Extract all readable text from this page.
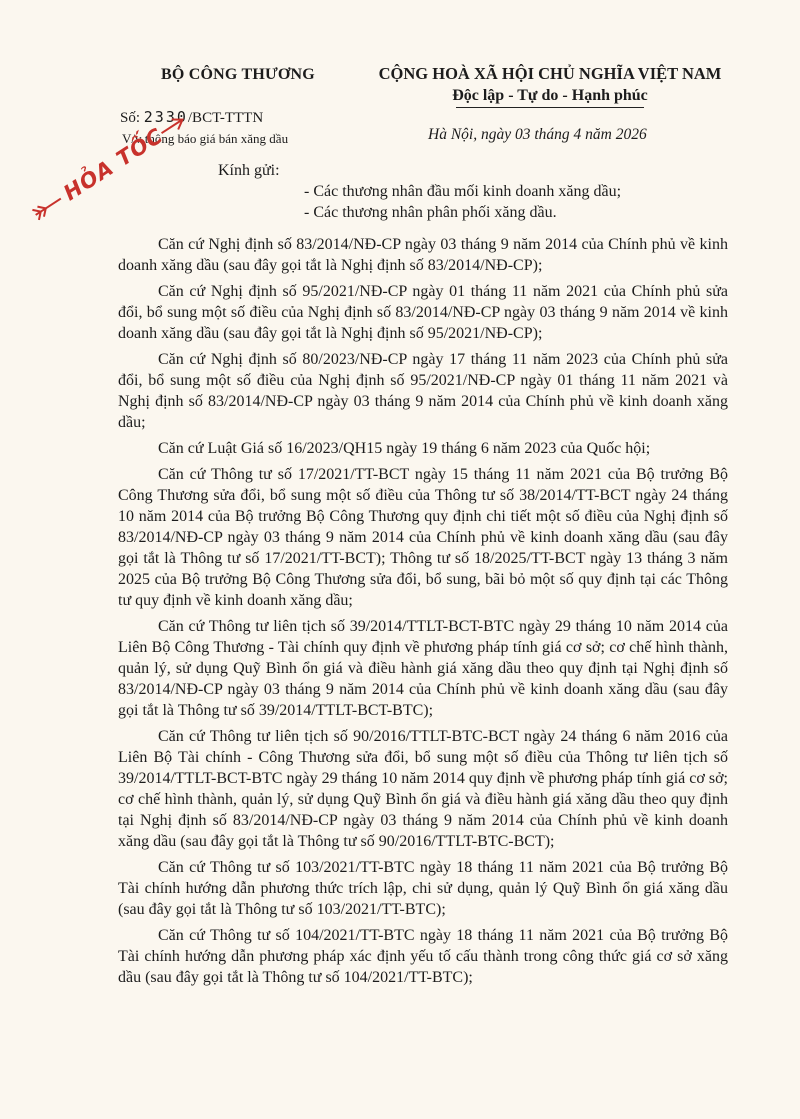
BỘ CÔNG THƯƠNG	CỘNG HOÀ XÃ HỘI CHỦ NGHĨA VIỆT NAM
Độc lập - Tự do - Hạnh phúc
Số: 2330/BCT-TTTN
V/v thông báo giá bán xăng dầu	Hà Nội, ngày 03 tháng 4 năm 2026
HỎA TỐC	Kính gửi:
- Các thương nhân đầu mối kinh doanh xăng dầu;
- Các thương nhân phân phối xăng dầu.

Căn cứ Nghị định số 83/2014/NĐ-CP ngày 03 tháng 9 năm 2014 của Chính phủ về kinh doanh xăng dầu (sau đây gọi tắt là Nghị định số 83/2014/NĐ-CP);

Căn cứ Nghị định số 95/2021/NĐ-CP ngày 01 tháng 11 năm 2021 của Chính phủ sửa đổi, bổ sung một số điều của Nghị định số 83/2014/NĐ-CP ngày 03 tháng 9 năm 2014 về kinh doanh xăng dầu (sau đây gọi tắt là Nghị định số 95/2021/NĐ-CP);

Căn cứ Nghị định số 80/2023/NĐ-CP ngày 17 tháng 11 năm 2023 của Chính phủ sửa đổi, bổ sung một số điều của Nghị định số 95/2021/NĐ-CP ngày 01 tháng 11 năm 2021 và Nghị định số 83/2014/NĐ-CP ngày 03 tháng 9 năm 2014 của Chính phủ về kinh doanh xăng dầu;

Căn cứ Luật Giá số 16/2023/QH15 ngày 19 tháng 6 năm 2023 của Quốc hội;

Căn cứ Thông tư số 17/2021/TT-BCT ngày 15 tháng 11 năm 2021 của Bộ trưởng Bộ Công Thương sửa đổi, bổ sung một số điều của Thông tư số 38/2014/TT-BCT ngày 24 tháng 10 năm 2014 của Bộ trưởng Bộ Công Thương quy định chi tiết một số điều của Nghị định số 83/2014/NĐ-CP ngày 03 tháng 9 năm 2014 của Chính phủ về kinh doanh xăng dầu (sau đây gọi tắt là Thông tư số 17/2021/TT-BCT); Thông tư số 18/2025/TT-BCT ngày 13 tháng 3 năm 2025 của Bộ trưởng Bộ Công Thương sửa đổi, bổ sung, bãi bỏ một số quy định tại các Thông tư quy định về kinh doanh xăng dầu;

Căn cứ Thông tư liên tịch số 39/2014/TTLT-BCT-BTC ngày 29 tháng 10 năm 2014 của Liên Bộ Công Thương - Tài chính quy định về phương pháp tính giá cơ sở; cơ chế hình thành, quản lý, sử dụng Quỹ Bình ổn giá và điều hành giá xăng dầu theo quy định tại Nghị định số 83/2014/NĐ-CP ngày 03 tháng 9 năm 2014 của Chính phủ về kinh doanh xăng dầu (sau đây gọi tắt là Thông tư số 39/2014/TTLT-BCT-BTC);

Căn cứ Thông tư liên tịch số 90/2016/TTLT-BTC-BCT ngày 24 tháng 6 năm 2016 của Liên Bộ Tài chính - Công Thương sửa đổi, bổ sung một số điều của Thông tư liên tịch số 39/2014/TTLT-BCT-BTC ngày 29 tháng 10 năm 2014 quy định về phương pháp tính giá cơ sở; cơ chế hình thành, quản lý, sử dụng Quỹ Bình ổn giá và điều hành giá xăng dầu theo quy định tại Nghị định số 83/2014/NĐ-CP ngày 03 tháng 9 năm 2014 của Chính phủ về kinh doanh xăng dầu (sau đây gọi tắt là Thông tư số 90/2016/TTLT-BTC-BCT);

Căn cứ Thông tư số 103/2021/TT-BTC ngày 18 tháng 11 năm 2021 của Bộ trưởng Bộ Tài chính hướng dẫn phương thức trích lập, chi sử dụng, quản lý Quỹ Bình ổn giá xăng dầu (sau đây gọi tắt là Thông tư số 103/2021/TT-BTC);

Căn cứ Thông tư số 104/2021/TT-BTC ngày 18 tháng 11 năm 2021 của Bộ trưởng Bộ Tài chính hướng dẫn phương pháp xác định yếu tố cấu thành trong công thức giá cơ sở xăng dầu (sau đây gọi tắt là Thông tư số 104/2021/TT-BTC);
